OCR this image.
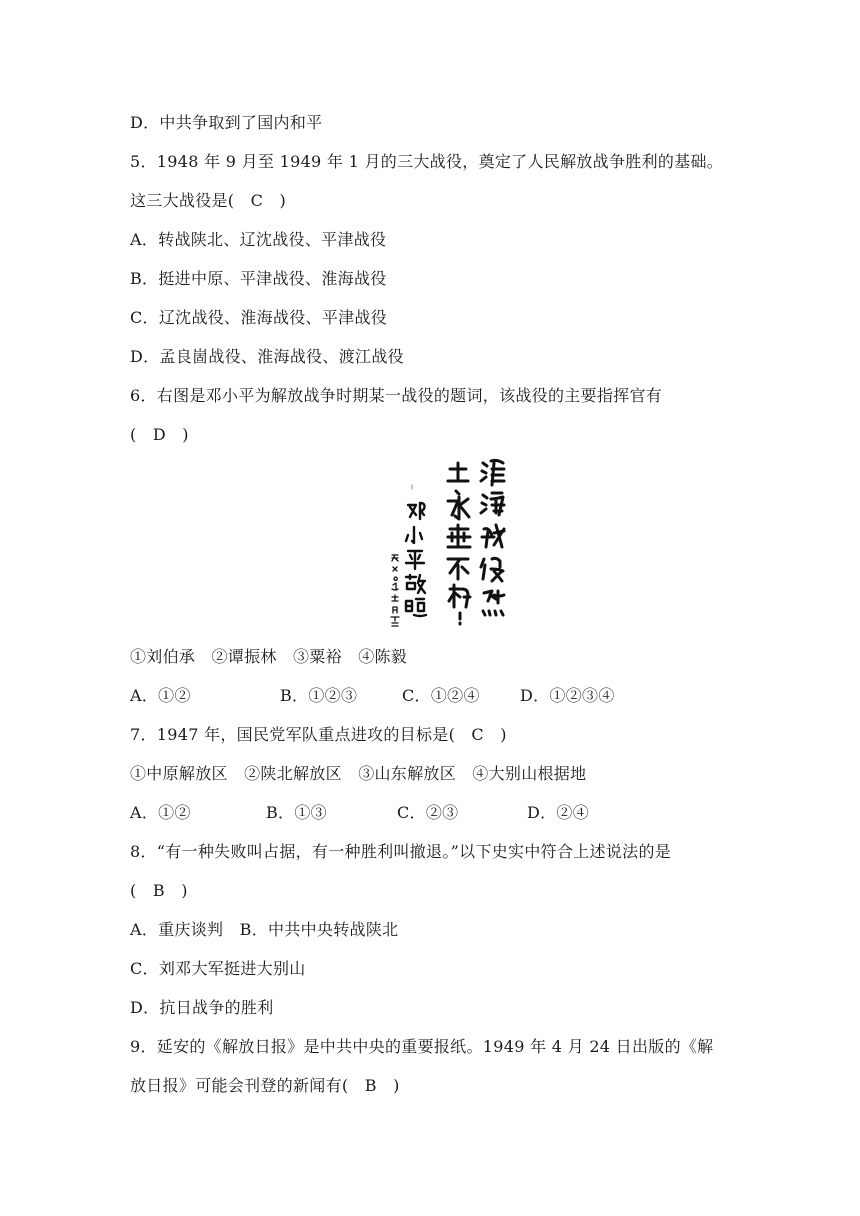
D．中共争取到了国内和平
5．1948 年 9 月至 1949 年 1 月的三大战役，奠定了人民解放战争胜利的基础。
这三大战役是(　C　)
A．转战陕北、辽沈战役、平津战役
B．挺进中原、平津战役、淮海战役
C．辽沈战役、淮海战役、平津战役
D．孟良崮战役、淮海战役、渡江战役
6．右图是邓小平为解放战争时期某一战役的题词，该战役的主要指挥官有
(　D　)
①刘伯承　②谭振林　③粟裕　④陈毅
A．①②	B．①②③	C．①②④	D．①②③④
7．1947 年，国民党军队重点进攻的目标是(　C　)
①中原解放区　②陕北解放区　③山东解放区　④大别山根据地
A．①②	B．①③	C．②③	D．②④
8．“有一种失败叫占据，有一种胜利叫撤退。”以下史实中符合上述说法的是
(　B　)
A．重庆谈判　B．中共中央转战陕北
C．刘邓大军挺进大别山
D．抗日战争的胜利
9．延安的《解放日报》是中共中央的重要报纸。1949 年 4 月 24 日出版的《解
放日报》可能会刊登的新闻有(　B　)
